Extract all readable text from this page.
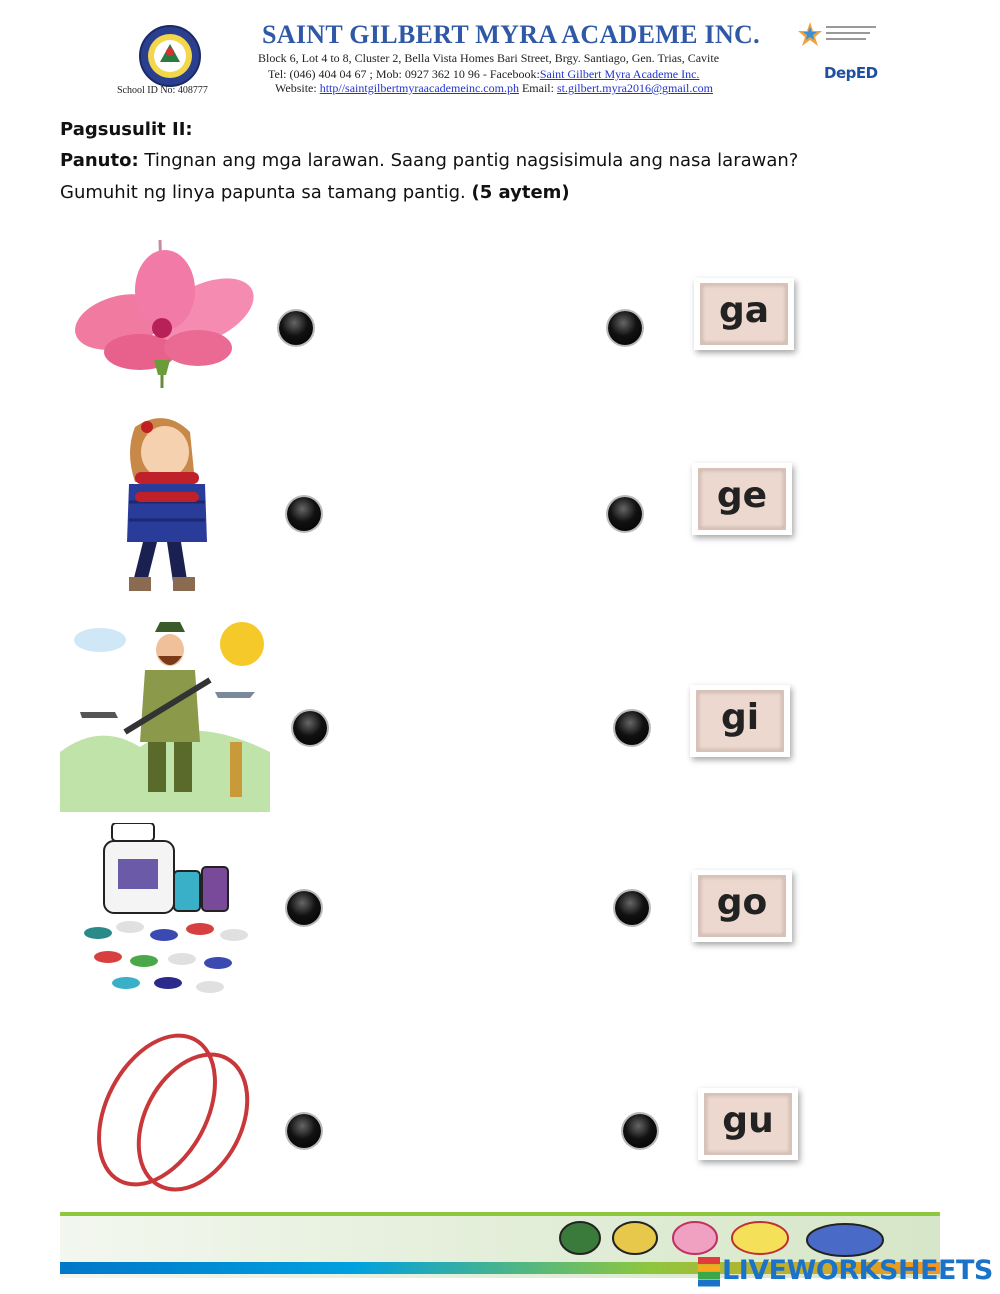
School ID No: 408777
SAINT GILBERT MYRA ACADEME INC.
Block 6, Lot 4 to 8, Cluster 2, Bella Vista Homes Bari Street, Brgy. Santiago, Gen. Trias, Cavite
Tel: (046) 404 04 67 ; Mob: 0927 362 10 96 - Facebook:Saint Gilbert Myra Academe Inc.
Website: http//saintgilbertmyraacademeinc.com.ph Email: st.gilbert.myra2016@gmail.com
DepED
Pagsusulit II:
Panuto: Tingnan ang mga larawan. Saang pantig nagsisimula ang nasa larawan?
Gumuhit ng linya papunta sa tamang pantig. (5 aytem)
ga
ge
gi
go
gu
LIVEWORKSHEETS
